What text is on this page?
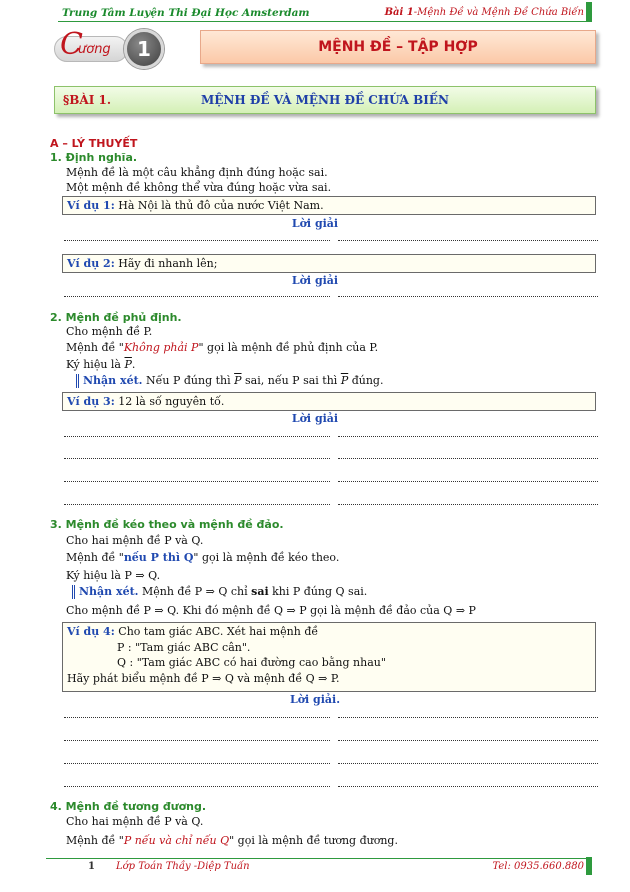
Trung Tâm Luyện Thi Đại Học Amsterdam	Bài 1-Mệnh Đề và Mệnh Đề Chứa Biến
C
ương	1	MỆNH ĐỀ – TẬP HỢP
§BÀI 1.	MỆNH ĐỀ VÀ MỆNH ĐỀ CHỨA BIẾN
A – LÝ THUYẾT
1. Định nghĩa.
Mệnh đề là một câu khẳng định đúng hoặc sai.
Một mệnh đề không thể vừa đúng hoặc vừa sai.
Ví dụ 1: Hà Nội là thủ đô của nước Việt Nam.
Lời giải
Ví dụ 2: Hãy đi nhanh lên;
Lời giải
2. Mệnh đề phủ định.
Cho mệnh đề P.
Mệnh đề "Không phải P" gọi là mệnh đề phủ định của P.
Ký hiệu là $\overline{P}$.
Nhận xét. Nếu P đúng thì $\overline{P}$ sai, nếu P sai thì $\overline{P}$ đúng.
Ví dụ 3: 12 là số nguyên tố.
Lời giải
3. Mệnh đề kéo theo và mệnh đề đảo.
Cho hai mệnh đề P và Q.
Mệnh đề "nếu P thì Q" gọi là mệnh đề kéo theo.
Ký hiệu là P ⇒ Q.
Nhận xét. Mệnh đề P ⇒ Q chỉ sai khi P đúng Q sai.
Cho mệnh đề P ⇒ Q. Khi đó mệnh đề Q ⇒ P gọi là mệnh đề đảo của Q ⇒ P
Ví dụ 4: Cho tam giác ABC. Xét hai mệnh đề
P : "Tam giác ABC cân".
Q : "Tam giác ABC có hai đường cao bằng nhau"
Hãy phát biểu mệnh đề P ⇒ Q và mệnh đề Q ⇒ P.
Lời giải.
4. Mệnh đề tương đương.
Cho hai mệnh đề P và Q.
Mệnh đề "P nếu và chỉ nếu Q" gọi là mệnh đề tương đương.
1 Lớp Toán Thầy -Diệp Tuấn	Tel: 0935.660.880
